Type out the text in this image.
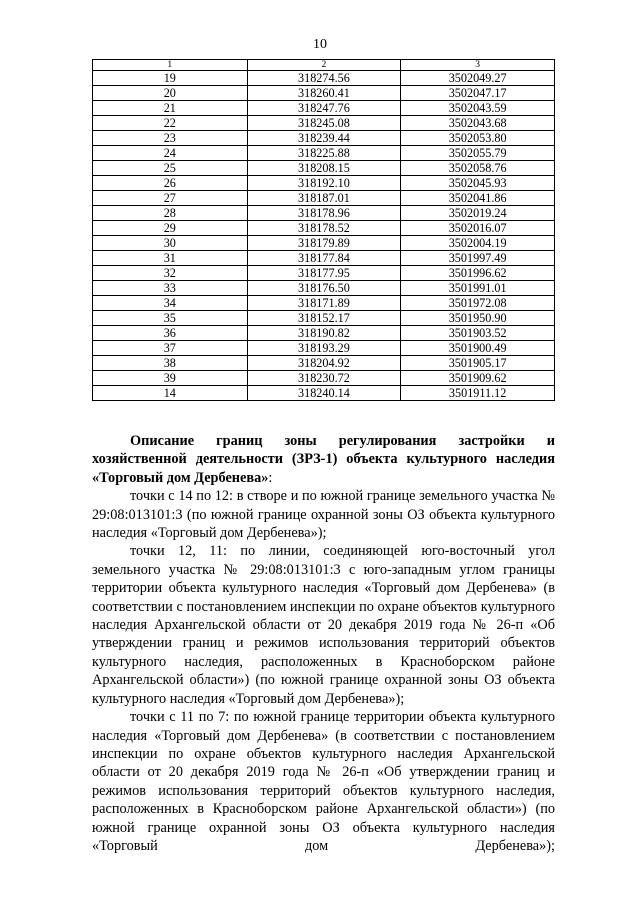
10
1	2	3
19	318274.56	3502049.27
20	318260.41	3502047.17
21	318247.76	3502043.59
22	318245.08	3502043.68
23	318239.44	3502053.80
24	318225.88	3502055.79
25	318208.15	3502058.76
26	318192.10	3502045.93
27	318187.01	3502041.86
28	318178.96	3502019.24
29	318178.52	3502016.07
30	318179.89	3502004.19
31	318177.84	3501997.49
32	318177.95	3501996.62
33	318176.50	3501991.01
34	318171.89	3501972.08
35	318152.17	3501950.90
36	318190.82	3501903.52
37	318193.29	3501900.49
38	318204.92	3501905.17
39	318230.72	3501909.62
14	318240.14	3501911.12

Описание границ зоны регулирования застройки и хозяйственной деятельности (ЗРЗ-1) объекта культурного наследия «Торговый дом Дербенева»:

точки с 14 по 12: в створе и по южной границе земельного участка № 29:08:013101:3 (по южной границе охранной зоны ОЗ объекта культурного наследия «Торговый дом Дербенева»);

точки 12, 11: по линии, соединяющей юго-восточный угол земельного участка № 29:08:013101:3 с юго-западным углом границы территории объекта культурного наследия «Торговый дом Дербенева» (в соответствии с постановлением инспекции по охране объектов культурного наследия Архангельской области от 20 декабря 2019 года № 26-п «Об утверждении границ и режимов использования территорий объектов культурного наследия, расположенных в Красноборском районе Архангельской области») (по южной границе охранной зоны ОЗ объекта культурного наследия «Торговый дом Дербенева»);

точки с 11 по 7: по южной границе территории объекта культурного наследия «Торговый дом Дербенева» (в соответствии с постановлением инспекции по охране объектов культурного наследия Архангельской области от 20 декабря 2019 года № 26-п «Об утверждении границ и режимов использования территорий объектов культурного наследия, расположенных в Красноборском районе Архангельской области») (по южной границе охранной зоны ОЗ объекта культурного наследия «Торговый дом Дербенева»);
